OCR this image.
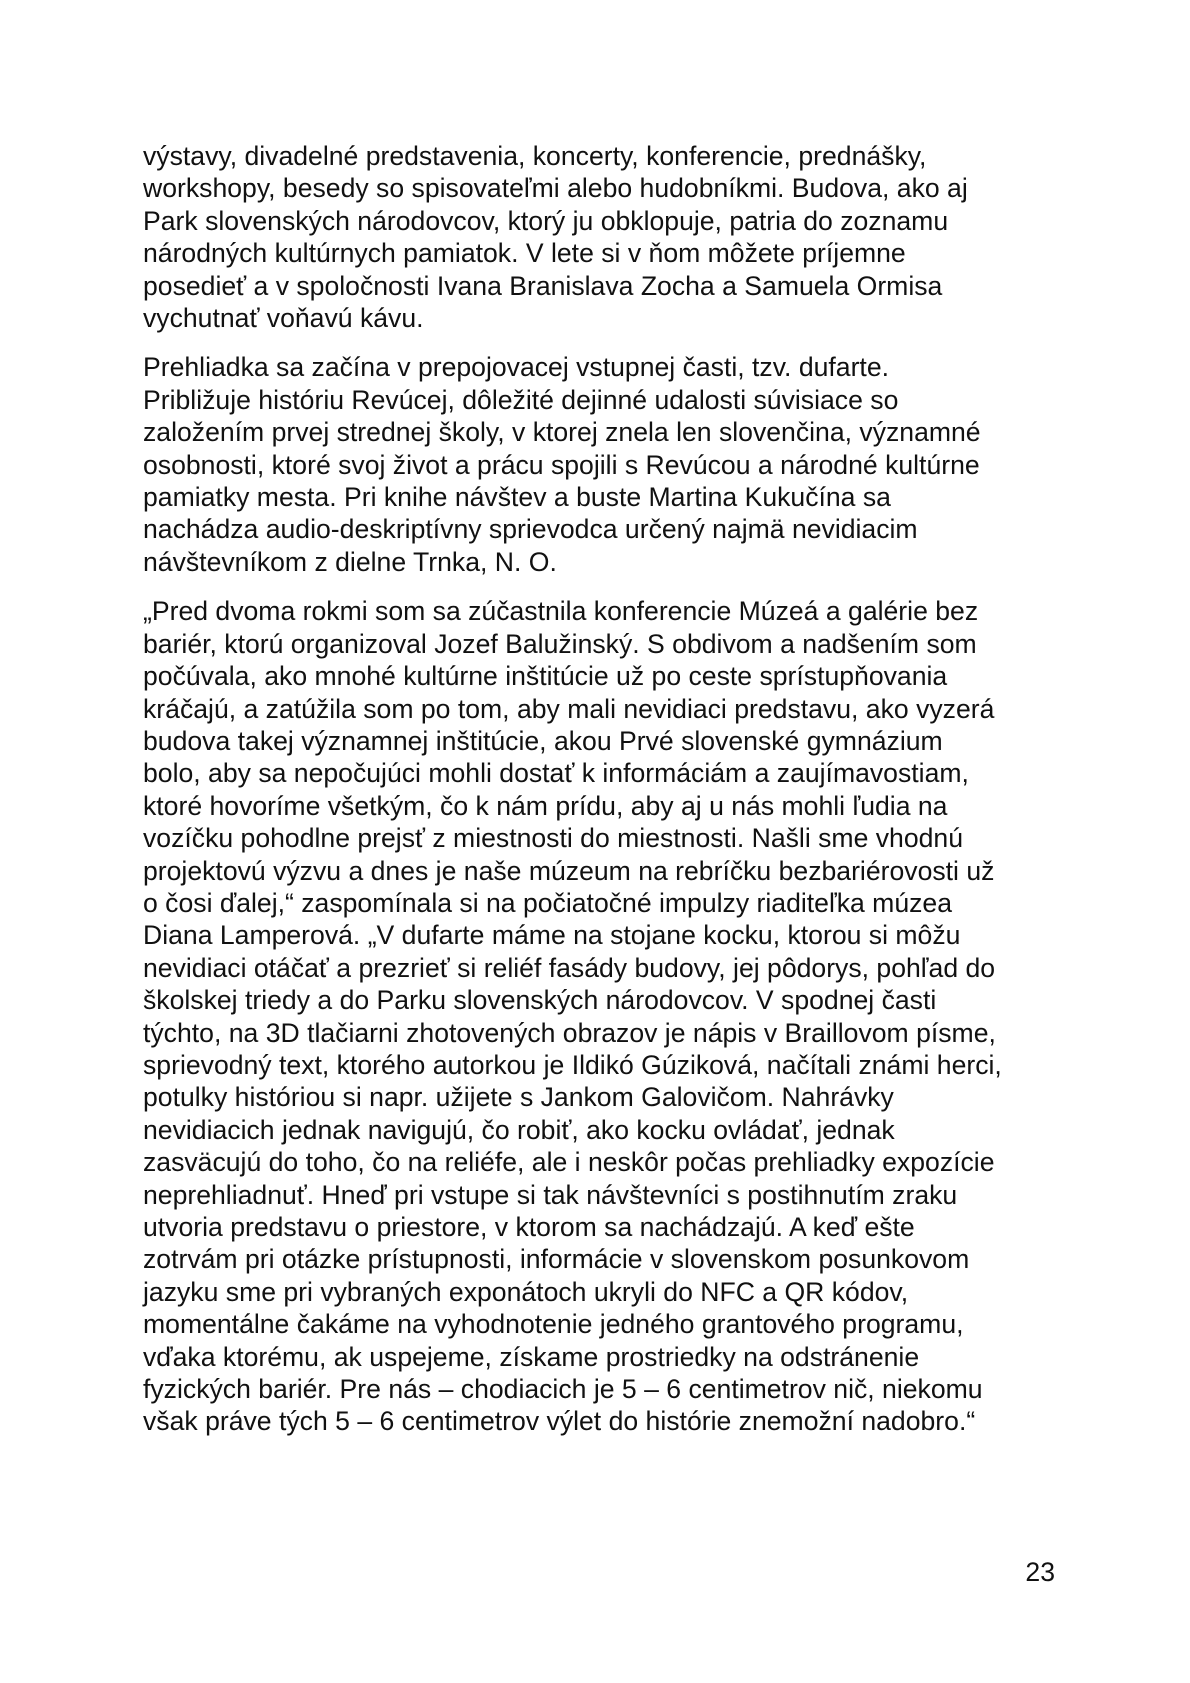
výstavy, divadelné predstavenia, koncerty, konferencie, prednášky,
workshopy, besedy so spisovateľmi alebo hudobníkmi. Budova, ako aj
Park slovenských národovcov, ktorý ju obklopuje, patria do zoznamu
národných kultúrnych pamiatok. V lete si v ňom môžete príjemne
posedieť a v spoločnosti Ivana Branislava Zocha a Samuela Ormisa
vychutnať voňavú kávu.

Prehliadka sa začína v prepojovacej vstupnej časti, tzv. dufarte.
Približuje históriu Revúcej, dôležité dejinné udalosti súvisiace so
založením prvej strednej školy, v ktorej znela len slovenčina, významné
osobnosti, ktoré svoj život a prácu spojili s Revúcou a národné kultúrne
pamiatky mesta. Pri knihe návštev a buste Martina Kukučína sa
nachádza audio-deskriptívny sprievodca určený najmä nevidiacim
návštevníkom z dielne Trnka, N. O.

„Pred dvoma rokmi som sa zúčastnila konferencie Múzeá a galérie bez
bariér, ktorú organizoval Jozef Balužinský. S obdivom a nadšením som
počúvala, ako mnohé kultúrne inštitúcie už po ceste sprístupňovania
kráčajú, a zatúžila som po tom, aby mali nevidiaci predstavu, ako vyzerá
budova takej významnej inštitúcie, akou Prvé slovenské gymnázium
bolo, aby sa nepočujúci mohli dostať k informáciám a zaujímavostiam,
ktoré hovoríme všetkým, čo k nám prídu, aby aj u nás mohli ľudia na
vozíčku pohodlne prejsť z miestnosti do miestnosti. Našli sme vhodnú
projektovú výzvu a dnes je naše múzeum na rebríčku bezbariérovosti už
o čosi ďalej,“ zaspomínala si na počiatočné impulzy riaditeľka múzea
Diana Lamperová. „V dufarte máme na stojane kocku, ktorou si môžu
nevidiaci otáčať a prezrieť si reliéf fasády budovy, jej pôdorys, pohľad do
školskej triedy a do Parku slovenských národovcov. V spodnej časti
týchto, na 3D tlačiarni zhotovených obrazov je nápis v Braillovom písme,
sprievodný text, ktorého autorkou je Ildikó Gúziková, načítali známi herci,
potulky históriou si napr. užijete s Jankom Galovičom. Nahrávky
nevidiacich jednak navigujú, čo robiť, ako kocku ovládať, jednak
zasväcujú do toho, čo na reliéfe, ale i neskôr počas prehliadky expozície
neprehliadnuť. Hneď pri vstupe si tak návštevníci s postihnutím zraku
utvoria predstavu o priestore, v ktorom sa nachádzajú. A keď ešte
zotrvám pri otázke prístupnosti, informácie v slovenskom posunkovom
jazyku sme pri vybraných exponátoch ukryli do NFC a QR kódov,
momentálne čakáme na vyhodnotenie jedného grantového programu,
vďaka ktorému, ak uspejeme, získame prostriedky na odstránenie
fyzických bariér. Pre nás – chodiacich je 5 – 6 centimetrov nič, niekomu
však práve tých 5 – 6 centimetrov výlet do histórie znemožní nadobro.“

23
